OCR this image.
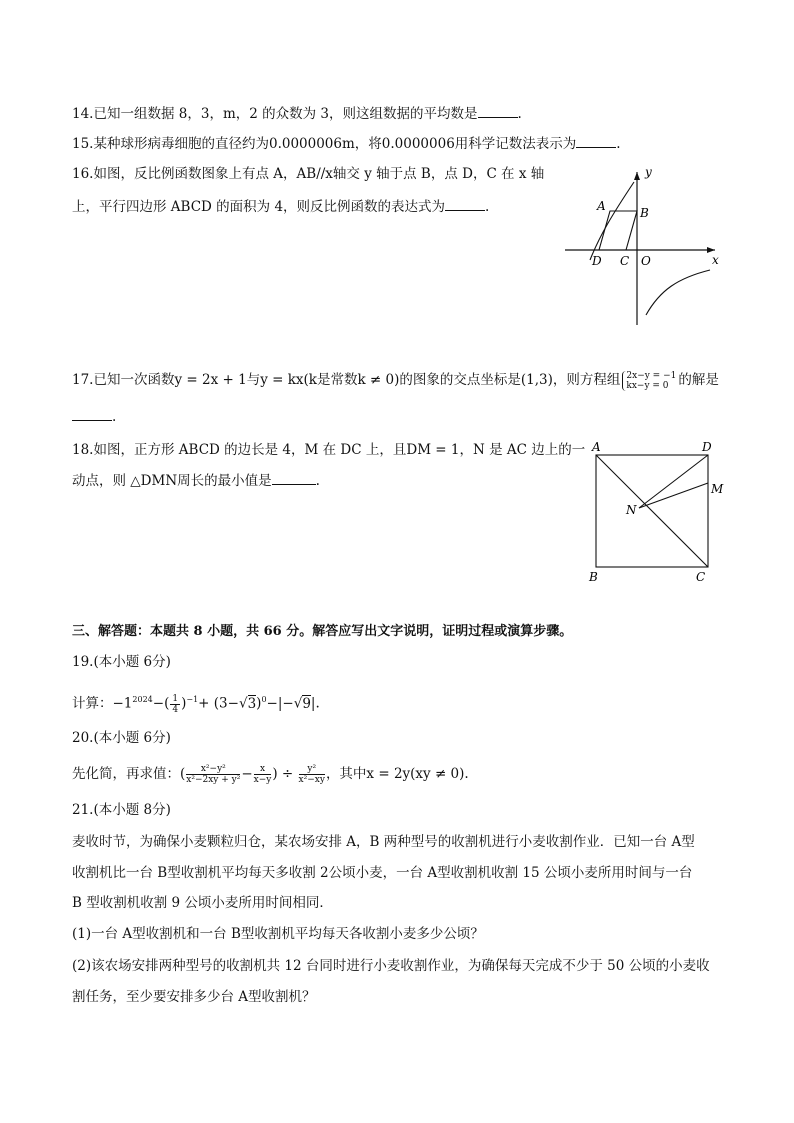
14.已知一组数据 8，3，m，2 的众数为 3，则这组数据的平均数是	.
15.某种球形病毒细胞的直径约为0.0000006m，将0.0000006用科学记数法表示为	.
16.如图，反比例函数图象上有点 A，AB//x轴交 y 轴于点 B，点 D，C 在 x 轴
上，平行四边形 ABCD 的面积为 4，则反比例函数的表达式为	.	A	B
C
D	O
y
x
17.已知一次函数y = 2x + 1与y = kx(k是常数k ≠ 0)的图象的交点坐标是(1,3)，则方程组 2x−y = −1
kx−y = 0 的解是
.
18.如图，正方形 ABCD 的边长是 4，M 在 DC 上，且DM = 1，N 是 AC 边上的一
动点，则 △DMN周长的最小值是	.
A	D
M
N
B	C
三、解答题：本题共 8 小题，共 66 分。解答应写出文字说明，证明过程或演算步骤。
19.(本小题 6分)
计算：$-1^{2024}-( \frac{1}{4} )^{-1}+ (3-√3)^0-|-√9|$.
20.(本小题 6分)
先化简，再求值：( $\frac{\text{x²−y²}}{\text{x²−2xy + y²}} - \frac{x}{x-y}$ ) ÷ $\frac{\text{y²}}{\text{x²−xy}}$ ，其中x = 2y(xy ≠ 0).
21.(本小题 8分)
麦收时节，为确保小麦颗粒归仓，某农场安排 A，B 两种型号的收割机进行小麦收割作业．已知一台 A型
收割机比一台 B型收割机平均每天多收割 2公顷小麦，一台 A型收割机收割 15 公顷小麦所用时间与一台
B 型收割机收割 9 公顷小麦所用时间相同．
(1)一台 A型收割机和一台 B型收割机平均每天各收割小麦多少公顷？
(2)该农场安排两种型号的收割机共 12 台同时进行小麦收割作业，为确保每天完成不少于 50 公顷的小麦收
割任务，至少要安排多少台 A型收割机？
